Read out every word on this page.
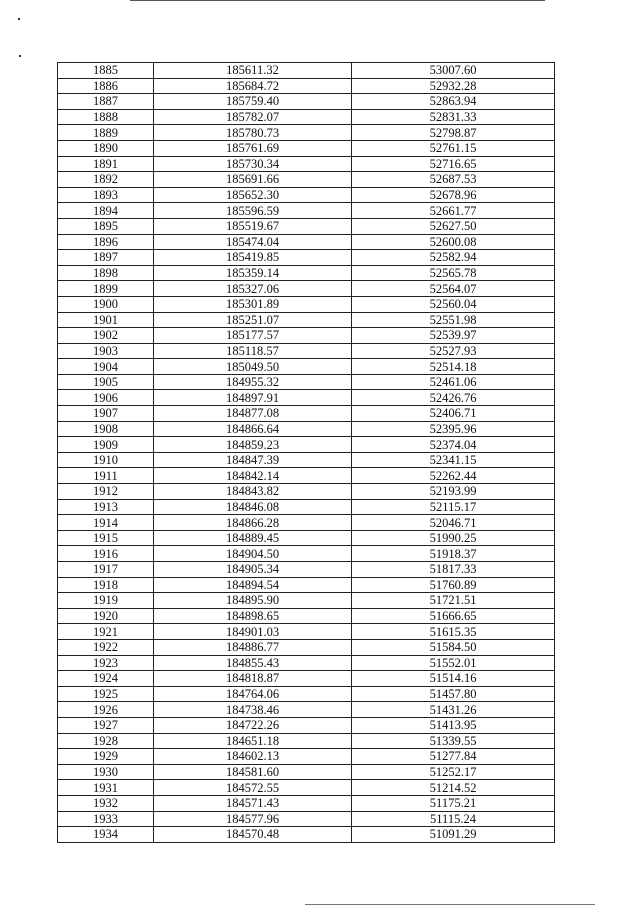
1885	185611.32	53007.60
1886	185684.72	52932.28
1887	185759.40	52863.94
1888	185782.07	52831.33
1889	185780.73	52798.87
1890	185761.69	52761.15
1891	185730.34	52716.65
1892	185691.66	52687.53
1893	185652.30	52678.96
1894	185596.59	52661.77
1895	185519.67	52627.50
1896	185474.04	52600.08
1897	185419.85	52582.94
1898	185359.14	52565.78
1899	185327.06	52564.07
1900	185301.89	52560.04
1901	185251.07	52551.98
1902	185177.57	52539.97
1903	185118.57	52527.93
1904	185049.50	52514.18
1905	184955.32	52461.06
1906	184897.91	52426.76
1907	184877.08	52406.71
1908	184866.64	52395.96
1909	184859.23	52374.04
1910	184847.39	52341.15
1911	184842.14	52262.44
1912	184843.82	52193.99
1913	184846.08	52115.17
1914	184866.28	52046.71
1915	184889.45	51990.25
1916	184904.50	51918.37
1917	184905.34	51817.33
1918	184894.54	51760.89
1919	184895.90	51721.51
1920	184898.65	51666.65
1921	184901.03	51615.35
1922	184886.77	51584.50
1923	184855.43	51552.01
1924	184818.87	51514.16
1925	184764.06	51457.80
1926	184738.46	51431.26
1927	184722.26	51413.95
1928	184651.18	51339.55
1929	184602.13	51277.84
1930	184581.60	51252.17
1931	184572.55	51214.52
1932	184571.43	51175.21
1933	184577.96	51115.24
1934	184570.48	51091.29
